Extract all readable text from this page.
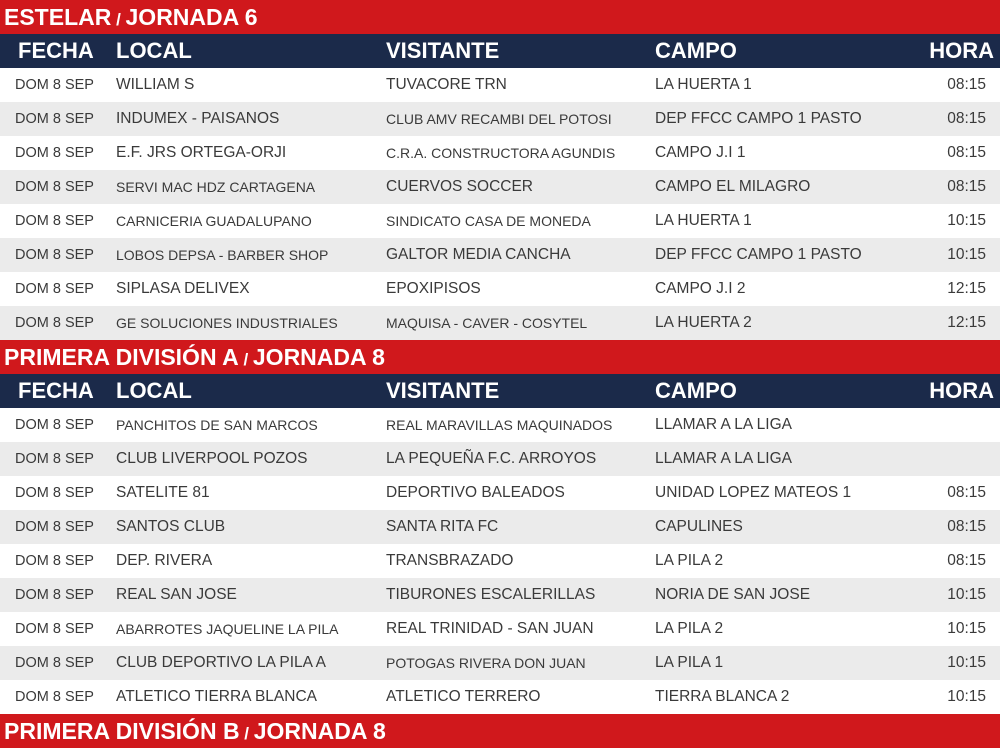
ESTELAR / JORNADA 6
FECHA	LOCAL	VISITANTE	CAMPO	HORA
DOM 8 SEP	WILLIAM S	TUVACORE TRN	LA HUERTA 1	08:15
DOM 8 SEP	INDUMEX - PAISANOS	CLUB AMV RECAMBI DEL POTOSI	DEP FFCC CAMPO 1 PASTO	08:15
DOM 8 SEP	E.F. JRS ORTEGA-ORJI	C.R.A. CONSTRUCTORA AGUNDIS	CAMPO J.I 1	08:15
DOM 8 SEP	SERVI MAC HDZ CARTAGENA	CUERVOS SOCCER	CAMPO EL MILAGRO	08:15
DOM 8 SEP	CARNICERIA GUADALUPANO	SINDICATO CASA DE MONEDA	LA HUERTA 1	10:15
DOM 8 SEP	LOBOS DEPSA - BARBER SHOP	GALTOR MEDIA CANCHA	DEP FFCC CAMPO 1 PASTO	10:15
DOM 8 SEP	SIPLASA DELIVEX	EPOXIPISOS	CAMPO J.I 2	12:15
DOM 8 SEP	GE SOLUCIONES INDUSTRIALES	MAQUISA - CAVER - COSYTEL	LA HUERTA 2	12:15
PRIMERA DIVISIÓN A / JORNADA 8
FECHA	LOCAL	VISITANTE	CAMPO	HORA
DOM 8 SEP	PANCHITOS DE SAN MARCOS	REAL MARAVILLAS MAQUINADOS	LLAMAR A LA LIGA
DOM 8 SEP	CLUB LIVERPOOL POZOS	LA PEQUEÑA F.C. ARROYOS	LLAMAR A LA LIGA
DOM 8 SEP	SATELITE 81	DEPORTIVO BALEADOS	UNIDAD LOPEZ MATEOS 1	08:15
DOM 8 SEP	SANTOS CLUB	SANTA RITA FC	CAPULINES	08:15
DOM 8 SEP	DEP. RIVERA	TRANSBRAZADO	LA PILA 2	08:15
DOM 8 SEP	REAL SAN JOSE	TIBURONES ESCALERILLAS	NORIA DE SAN JOSE	10:15
DOM 8 SEP	ABARROTES JAQUELINE LA PILA	REAL TRINIDAD - SAN JUAN	LA PILA 2	10:15
DOM 8 SEP	CLUB DEPORTIVO LA PILA A	POTOGAS RIVERA DON JUAN	LA PILA 1	10:15
DOM 8 SEP	ATLETICO TIERRA BLANCA	ATLETICO TERRERO	TIERRA BLANCA 2	10:15
PRIMERA DIVISIÓN B / JORNADA 8
